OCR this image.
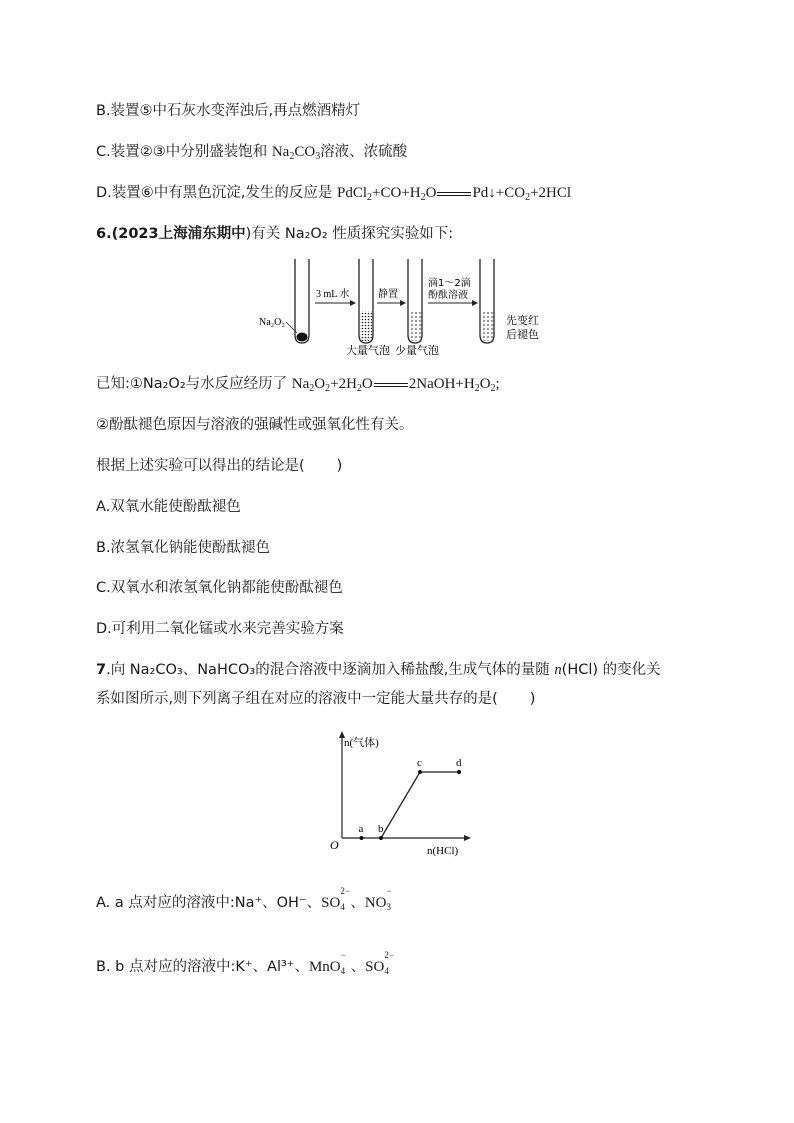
B.装置⑤中石灰水变浑浊后,再点燃酒精灯
C.装置②③中分别盛装饱和 $Na_2CO_3$溶液、浓硫酸
D.装置⑥中有黑色沉淀,发生的反应是 $PdCl_2+CO+H_2O$ $Pd↓+CO_2+2HCl$
6.(2023上海浦东期中)有关 Na₂O₂ 性质探究实验如下:
Na₂O₂
3 mL 水
大量气泡
静置
少量气泡
滴1～2滴
酚酞溶液
先变红
后褪色
已知:①Na₂O₂与水反应经历了 $Na_2O_2+2H_2O$ $2NaOH+H_2O_2$;
②酚酞褪色原因与溶液的强碱性或强氧化性有关。
根据上述实验可以得出的结论是( )
A.双氧水能使酚酞褪色
B.浓氢氧化钠能使酚酞褪色
C.双氧水和浓氢氧化钠都能使酚酞褪色
D.可利用二氧化锰或水来完善实验方案
7.向 Na₂CO₃、NaHCO₃的混合溶液中逐滴加入稀盐酸,生成气体的量随 n(HCl) 的变化关
系如图所示,则下列离子组在对应的溶液中一定能大量共存的是( )
n(气体)
n(HCl)
O
a b
c	d
A. a 点对应的溶液中:Na⁺、OH⁻、SO
2−
4 、NO
−
3
B. b 点对应的溶液中:K⁺、Al³⁺、MnO
−
4 、SO
2−
4
